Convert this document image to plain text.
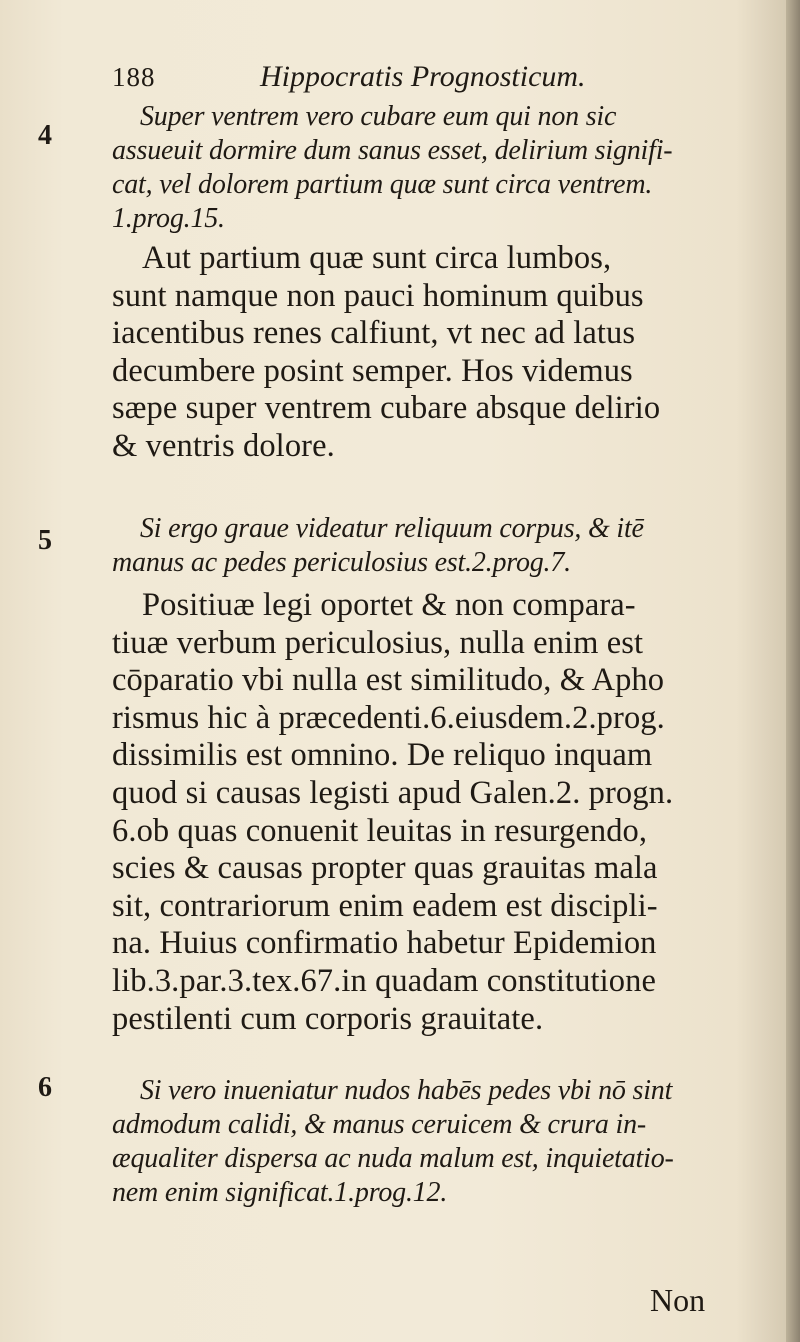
188	Hippocratis Prognosticum.
4
5
6
Super ventrem vero cubare eum qui non sic
assueuit dormire dum sanus esset, delirium signifi-
cat, vel dolorem partium quæ sunt circa ventrem.
1.prog.15.
Aut partium quæ sunt circa lumbos,
sunt namque non pauci hominum quibus
iacentibus renes calfiunt, vt nec ad latus
decumbere posint semper. Hos videmus
sæpe super ventrem cubare absque delirio
& ventris dolore.
Si ergo graue videatur reliquum corpus, & itē
manus ac pedes periculosius est.2.prog.7.
Positiuæ legi oportet & non compara-
tiuæ verbum periculosius, nulla enim est
cōparatio vbi nulla est similitudo, & Apho
rismus hic à præcedenti.6.eiusdem.2.prog.
dissimilis est omnino. De reliquo inquam
quod si causas legisti apud Galen.2. progn.
6.ob quas conuenit leuitas in resurgendo,
scies & causas propter quas grauitas mala
sit, contrariorum enim eadem est discipli-
na. Huius confirmatio habetur Epidemion
lib.3.par.3.tex.67.in quadam constitutione
pestilenti cum corporis grauitate.
Si vero inueniatur nudos habēs pedes vbi nō sint
admodum calidi, & manus ceruicem & crura in-
æqualiter dispersa ac nuda malum est, inquietatio-
nem enim significat.1.prog.12.
Non
